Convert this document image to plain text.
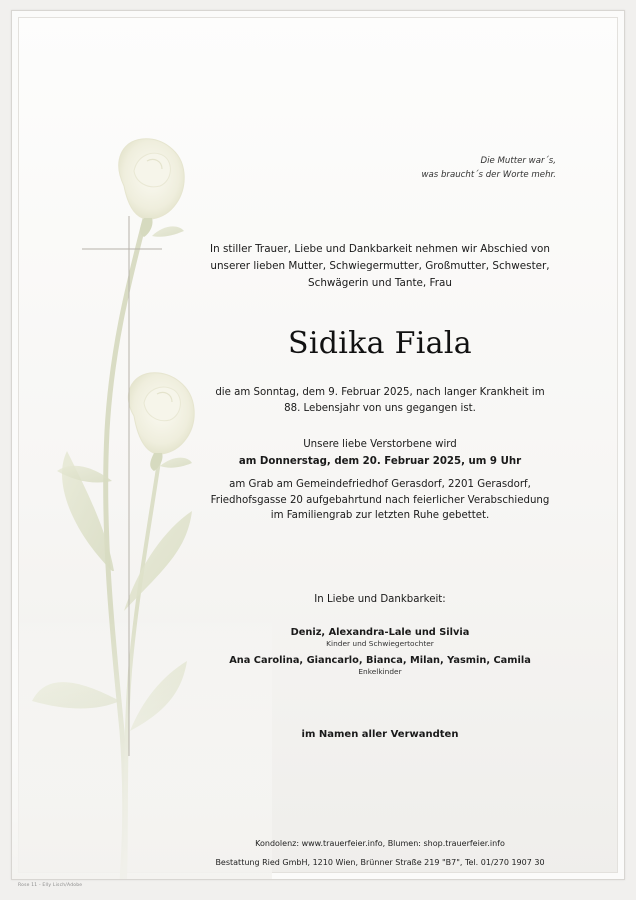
Die Mutter war´s,
was braucht´s der Worte mehr.
In stiller Trauer, Liebe und Dankbarkeit nehmen wir Abschied von
unserer lieben Mutter, Schwiegermutter, Großmutter, Schwester,
Schwägerin und Tante, Frau
Sidika Fiala
die am Sonntag, dem 9. Februar 2025, nach langer Krankheit im
88. Lebensjahr von uns gegangen ist.
Unsere liebe Verstorbene wird
am Donnerstag, dem 20. Februar 2025, um 9 Uhr
am Grab am Gemeindefriedhof Gerasdorf, 2201 Gerasdorf,
Friedhofsgasse 20 aufgebahrtund nach feierlicher Verabschiedung
im Familiengrab zur letzten Ruhe gebettet.
In Liebe und Dankbarkeit:
Deniz, Alexandra-Lale und Silvia
Kinder und Schwiegertochter
Ana Carolina, Giancarlo, Bianca, Milan, Yasmin, Camila
Enkelkinder
im Namen aller Verwandten
Kondolenz: www.trauerfeier.info, Blumen: shop.trauerfeier.info
Bestattung Ried GmbH, 1210 Wien, Brünner Straße 219 "B7", Tel. 01/270 1907 30
Rose 11 - Elly Lisch/Adobe
